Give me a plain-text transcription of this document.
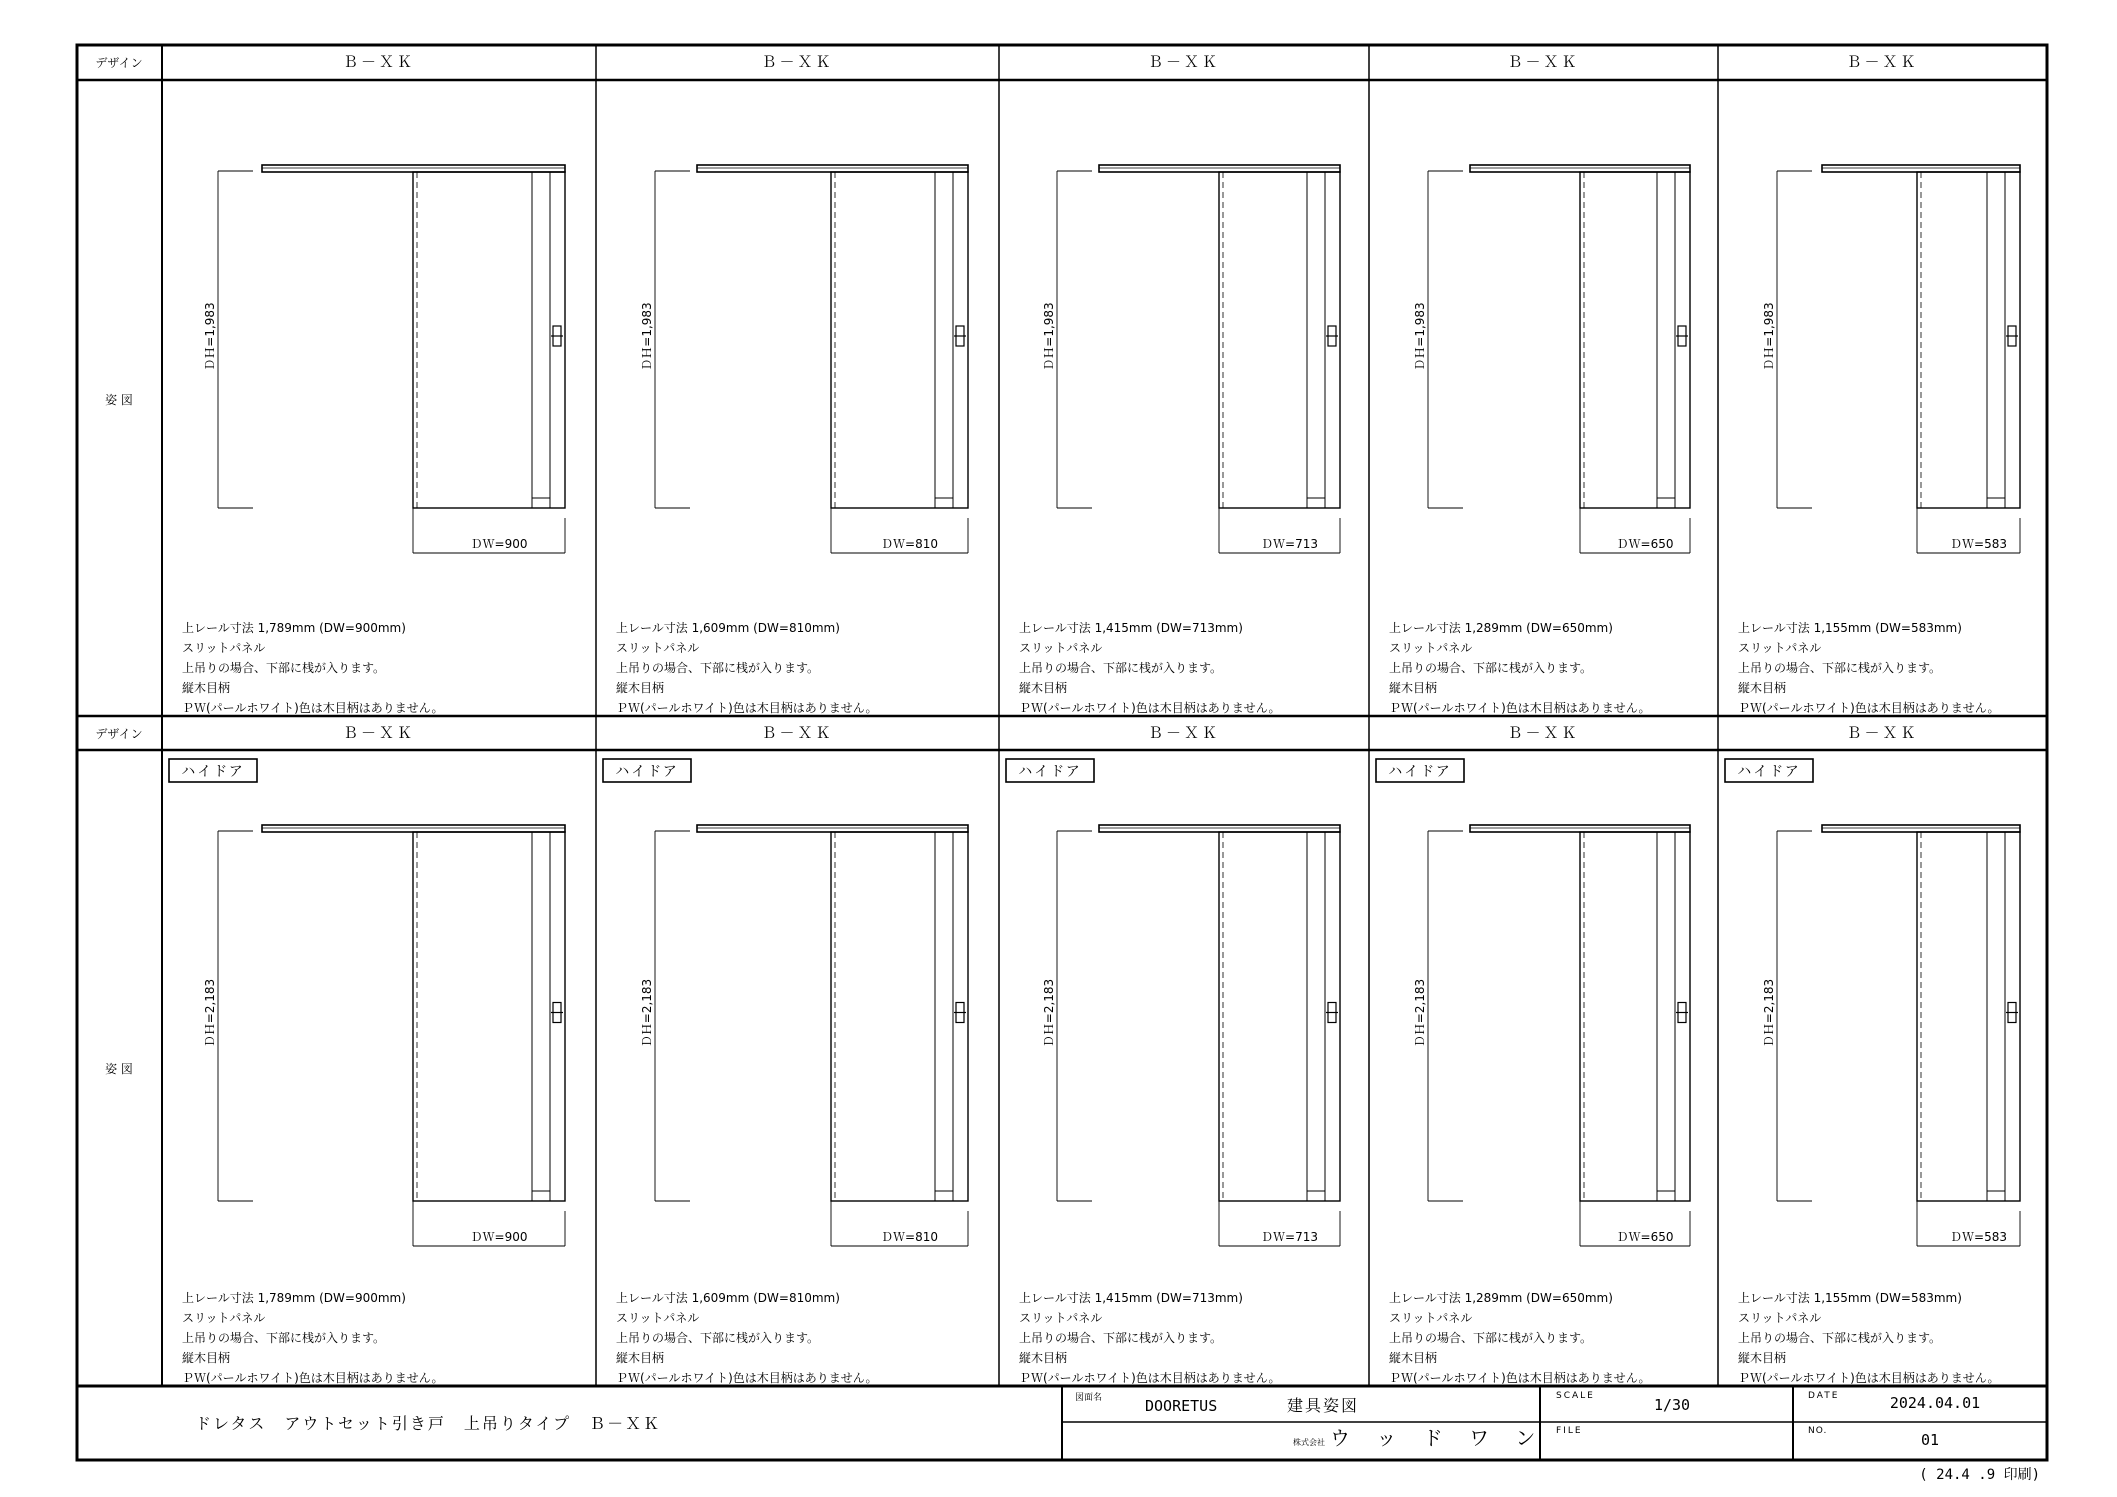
デザイン
デザイン
姿 図
姿 図
Ｂ－ＸＫ
ＤＨ=1,983
ＤＷ=900
上レール寸法 1,789mm (DW=900mm)
スリットパネル
上吊りの場合、下部に桟が入ります。
縦木目柄
ＰＷ(パールホワイト)色は木目柄はありません。
Ｂ－ＸＫ
ＤＨ=1,983
ＤＷ=810
上レール寸法 1,609mm (DW=810mm)
スリットパネル
上吊りの場合、下部に桟が入ります。
縦木目柄
ＰＷ(パールホワイト)色は木目柄はありません。
Ｂ－ＸＫ
ＤＨ=1,983
ＤＷ=713
上レール寸法 1,415mm (DW=713mm)
スリットパネル
上吊りの場合、下部に桟が入ります。
縦木目柄
ＰＷ(パールホワイト)色は木目柄はありません。
Ｂ－ＸＫ
ＤＨ=1,983
ＤＷ=650
上レール寸法 1,289mm (DW=650mm)
スリットパネル
上吊りの場合、下部に桟が入ります。
縦木目柄
ＰＷ(パールホワイト)色は木目柄はありません。
Ｂ－ＸＫ
ＤＨ=1,983
ＤＷ=583
上レール寸法 1,155mm (DW=583mm)
スリットパネル
上吊りの場合、下部に桟が入ります。
縦木目柄
ＰＷ(パールホワイト)色は木目柄はありません。
Ｂ－ＸＫ
ハイドア
ＤＨ=2,183
ＤＷ=900
上レール寸法 1,789mm (DW=900mm)
スリットパネル
上吊りの場合、下部に桟が入ります。
縦木目柄
ＰＷ(パールホワイト)色は木目柄はありません。
Ｂ－ＸＫ
ハイドア
ＤＨ=2,183
ＤＷ=810
上レール寸法 1,609mm (DW=810mm)
スリットパネル
上吊りの場合、下部に桟が入ります。
縦木目柄
ＰＷ(パールホワイト)色は木目柄はありません。
Ｂ－ＸＫ
ハイドア
ＤＨ=2,183
ＤＷ=713
上レール寸法 1,415mm (DW=713mm)
スリットパネル
上吊りの場合、下部に桟が入ります。
縦木目柄
ＰＷ(パールホワイト)色は木目柄はありません。
Ｂ－ＸＫ
ハイドア
ＤＨ=2,183
ＤＷ=650
上レール寸法 1,289mm (DW=650mm)
スリットパネル
上吊りの場合、下部に桟が入ります。
縦木目柄
ＰＷ(パールホワイト)色は木目柄はありません。
Ｂ－ＸＫ
ハイドア
ＤＨ=2,183
ＤＷ=583
上レール寸法 1,155mm (DW=583mm)
スリットパネル
上吊りの場合、下部に桟が入ります。
縦木目柄
ＰＷ(パールホワイト)色は木目柄はありません。
ドレタス　アウトセット引き戸　上吊りタイプ　Ｂ－ＸＫ
図面名	DOORETUS	建具姿図
株式会社 ウ ッ ド ワ ン
SCALE	1/30
FILE
DATE	2024.04.01
NO.	01
( 24.4 .9 印刷)
